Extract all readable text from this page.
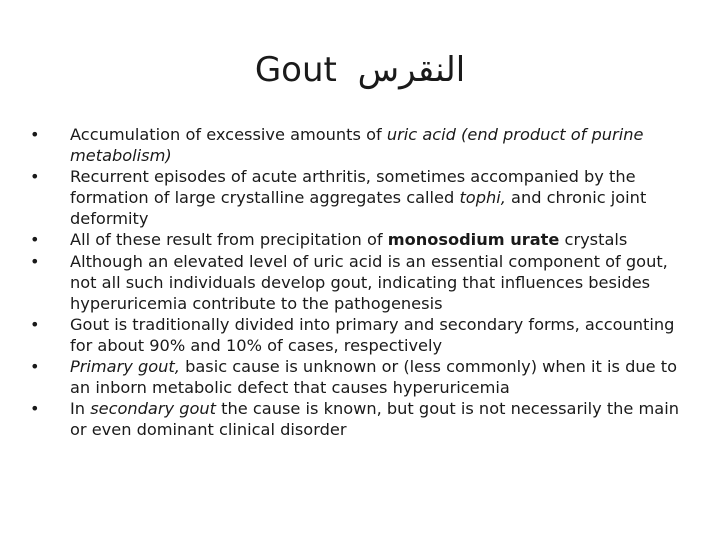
Gout النقرس
• Accumulation of excessive amounts of uric acid (end product of purine metabolism)
• Recurrent episodes of acute arthritis, sometimes accompanied by the formation of large crystalline aggregates called tophi, and chronic joint deformity
• All of these result from precipitation of monosodium urate crystals
• Although an elevated level of uric acid is an essential component of gout, not all such individuals develop gout, indicating that influences besides hyperuricemia contribute to the pathogenesis
• Gout is traditionally divided into primary and secondary forms, accounting for about 90% and 10% of cases, respectively
• Primary gout, basic cause is unknown or (less commonly) when it is due to an inborn metabolic defect that causes hyperuricemia
• In secondary gout the cause is known, but gout is not necessarily the main or even dominant clinical disorder
